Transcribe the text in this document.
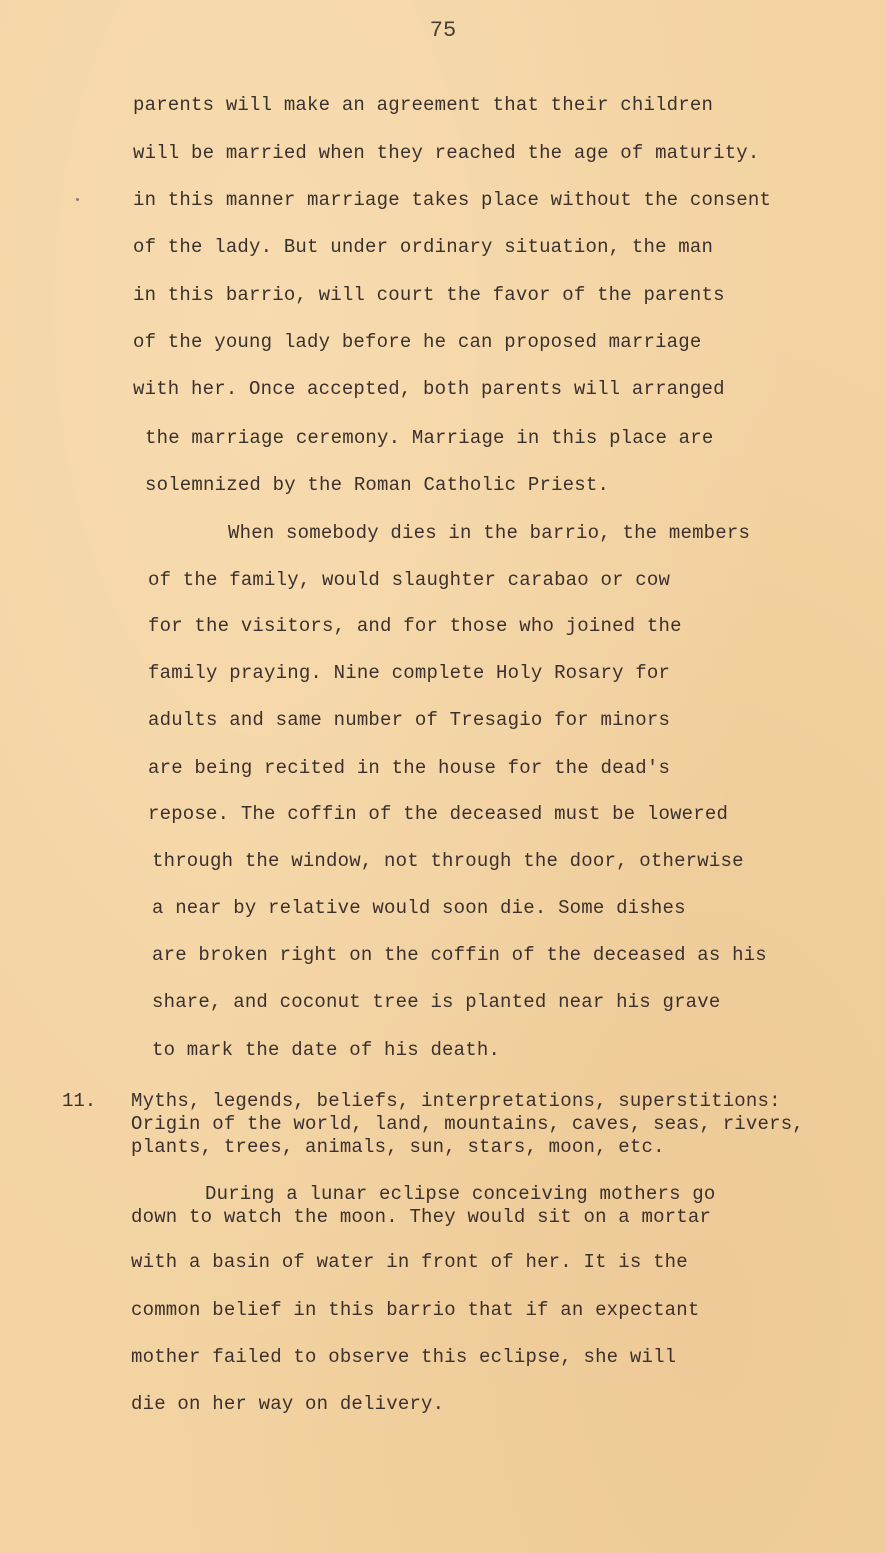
75
parents will make an agreement that their children
will be married when they reached the age of maturity.
in this manner marriage takes place without the consent
of the lady. But under ordinary situation, the man
in this barrio, will court the favor of the parents
of the young lady before he can proposed marriage
with her. Once accepted, both parents will arranged
the marriage ceremony. Marriage in this place are
solemnized by the Roman Catholic Priest.
When somebody dies in the barrio, the members
of the family, would slaughter carabao or cow
for the visitors, and for those who joined the
family praying. Nine complete Holy Rosary for
adults and same number of Tresagio for minors
are being recited in the house for the dead's
repose. The coffin of the deceased must be lowered
through the window, not through the door, otherwise
a near by relative would soon die. Some dishes
are broken right on the coffin of the deceased as his
share, and coconut tree is planted near his grave
to mark the date of his death.
11. Myths, legends, beliefs, interpretations, superstitions:
Origin of the world, land, mountains, caves, seas, rivers,
plants, trees, animals, sun, stars, moon, etc.
During a lunar eclipse conceiving mothers go
down to watch the moon. They would sit on a mortar
with a basin of water in front of her. It is the
common belief in this barrio that if an expectant
mother failed to observe this eclipse, she will
die on her way on delivery.
